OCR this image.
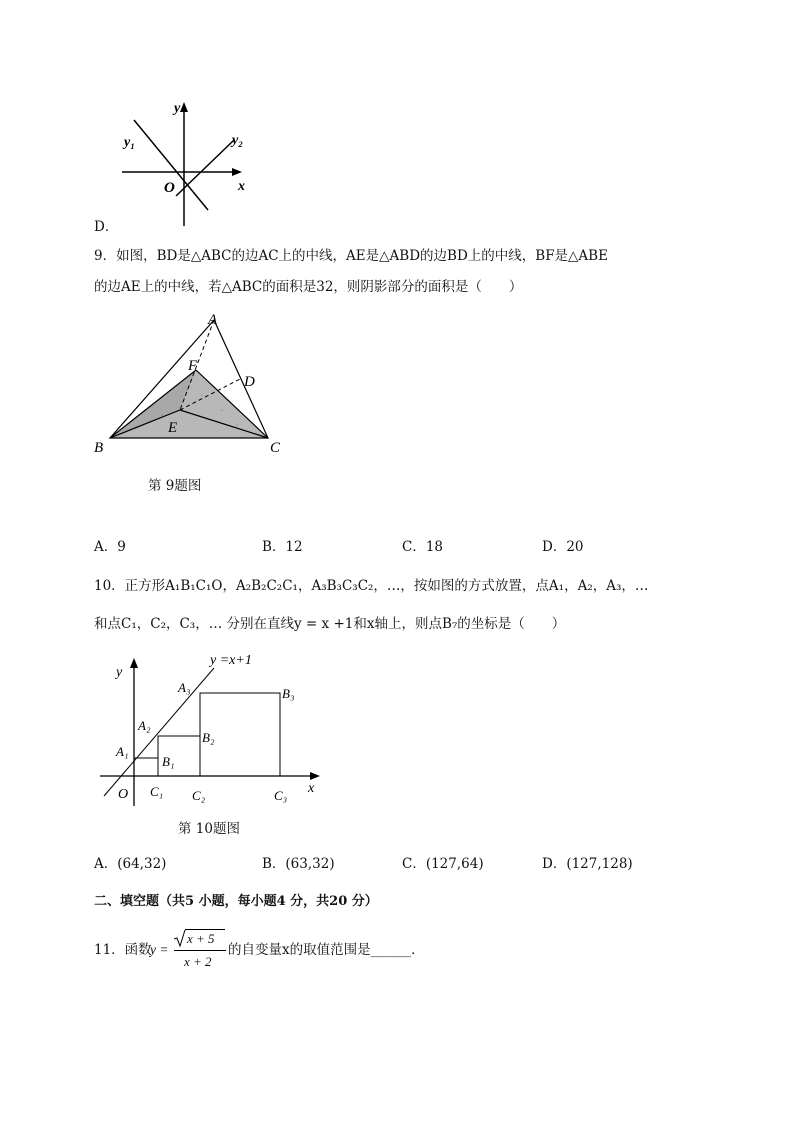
y
y₁	y₂
O	x
D．
9．如图，BD是△ABC的边AC上的中线，AE是△ABD的边BD上的中线，BF是△ABE
的边AE上的中线，若△ABC的面积是32，则阴影部分的面积是（　　）
A
B	C
D
E
F
第 9题图
A．9	B．12	C．18	D．20
10．正方形A₁B₁C₁O，A₂B₂C₂C₁，A₃B₃C₃C₂，…，按如图的方式放置，点A₁，A₂，A₃，…
和点C₁，C₂，C₃，… 分别在直线y = x +1和x轴上，则点B₇的坐标是（　　）
y
y =x+1
A₁
A₂
A₃
B₁
B₂
B₃
O C₁ C₂	C₃ x
第 10题图
A．(64,32)	B．(63,32)	C．(127,64)	D．(127,128)
二、填空题（共5 小题，每小题4 分，共20 分）
11．函数
y =
x + 5
x + 2
的自变量x的取值范围是______．
